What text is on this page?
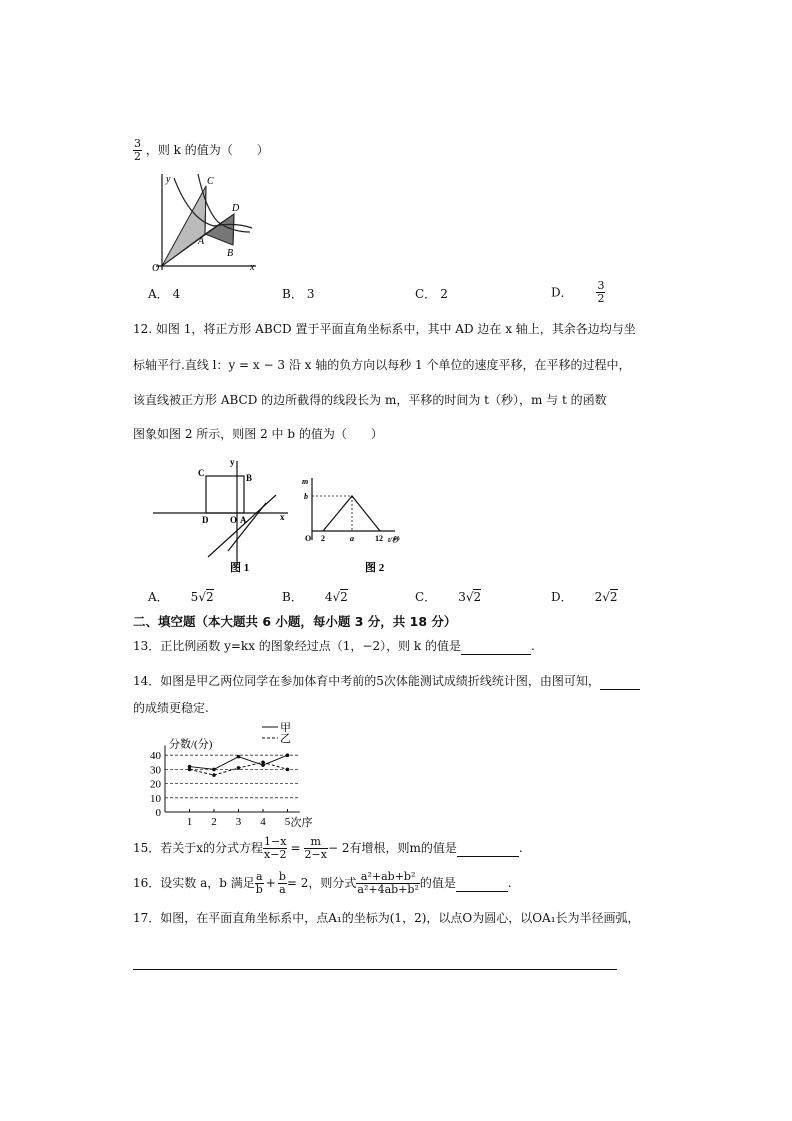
$\frac{3}{2}$ ，则 k 的值为（　　）
y
x
O
C
D
A
B
A． 4	B． 3	C． 2	D． $\frac{3}{2}$
12. 如图 1，将正方形 ABCD 置于平面直角坐标系中，其中 AD 边在 x 轴上，其余各边均与坐
标轴平行.直线 l：y = x − 3 沿 x 轴的负方向以每秒 1 个单位的速度平移，在平移的过程中，
该直线被正方形 ABCD 的边所截得的线段长为 m，平移的时间为 t（秒），m 与 t 的函数
图象如图 2 所示，则图 2 中 b 的值为（　　）
C
y
B
D O A	x
图 1
m
b
O 2	a	12 t/秒
图 2
A． 5√2	B． 4√2	C． 3√2	D． 2√2
二、填空题（本大题共 6 小题，每小题 3 分，共 18 分）
13．正比例函数 y=kx 的图象经过点（1，−2），则 k 的值是	.
14．如图是甲乙两位同学在参加体育中考前的5次体能测试成绩折线统计图，由图可知，
的成绩更稳定.
0
10
20
30
40
1 2 3 4 5
分数/(分)
次序
甲
乙
15．若关于x的分式方程 $\frac{1-x}{x-2} = \frac{m}{2-x} - 2$有增根，则m的值是	.
16．设实数 a，b 满足 $\frac{a}{b} + \frac{b}{a} = 2$，则分式 $\frac{\text{a²+ab+b²}}{\text{a²+4ab+b²}}$ 的值是	.
17．如图，在平面直角坐标系中，点A₁的坐标为(1，2)，以点O为圆心，以OA₁长为半径画弧，
